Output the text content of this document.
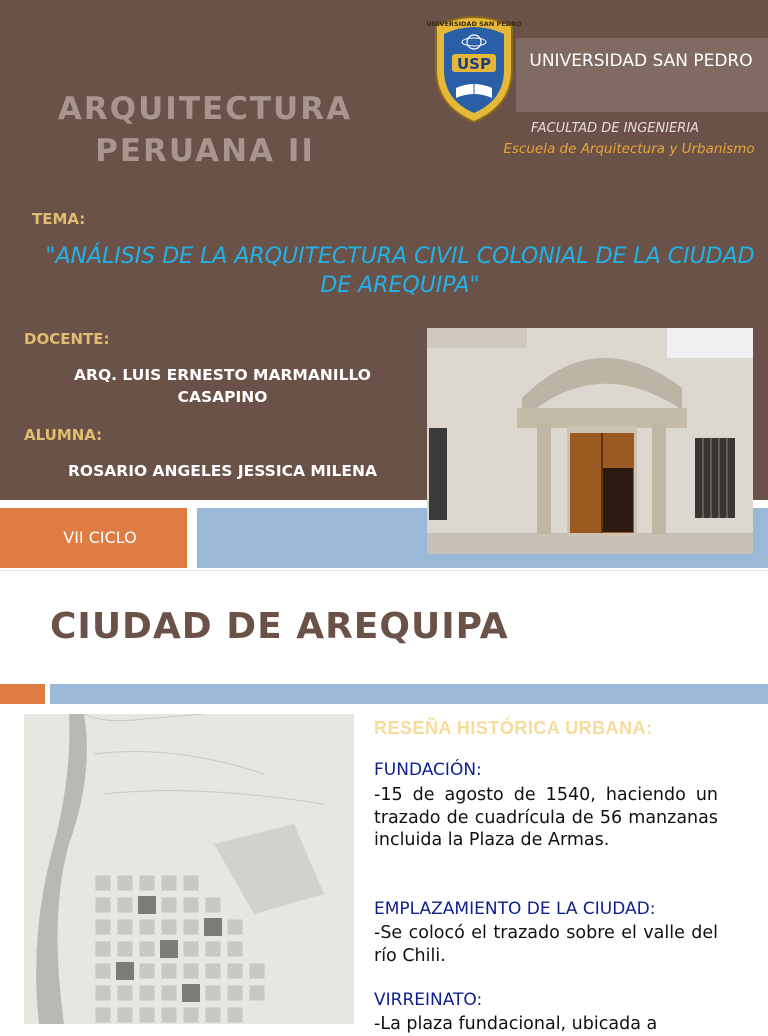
ARQUITECTURA PERUANA II
UNIVERSIDAD SAN PEDRO
USP	UNIVERSIDAD SAN PEDRO
FACULTAD DE INGENIERIA
Escuela de Arquitectura y Urbanismo
TEMA:
"ANÁLISIS DE LA ARQUITECTURA CIVIL COLONIAL DE LA CIUDAD DE AREQUIPA"
DOCENTE:
ARQ. LUIS ERNESTO MARMANILLO CASAPINO
ALUMNA:
ROSARIO ANGELES JESSICA MILENA
VII CICLO
CIUDAD DE AREQUIPA
RESEÑA HISTÓRICA URBANA:
FUNDACIÓN:
-15 de agosto de 1540, haciendo un trazado de cuadrícula de 56 manzanas incluida la Plaza de Armas.
EMPLAZAMIENTO DE LA CIUDAD:
-Se colocó el trazado sobre el valle del río Chili.
VIRREINATO:
-La plaza fundacional, ubicada a
